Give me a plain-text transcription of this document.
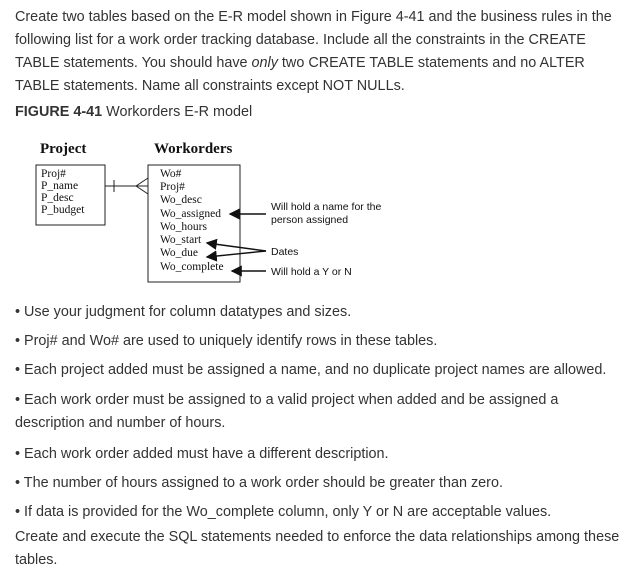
Create two tables based on the E-R model shown in Figure 4-41 and the business rules in the following list for a work order tracking database. Include all the constraints in the CREATE TABLE statements. You should have only two CREATE TABLE statements and no ALTER TABLE statements. Name all constraints except NOT NULLs.

FIGURE 4-41 Workorders E-R model

Project
Proj#
P_name
P_desc
P_budget
Workorders
Wo#
Proj#
Wo_desc
Wo_assigned
Wo_hours
Wo_start
Wo_due
Wo_complete
Will hold a name for the
person assigned
Dates
Will hold a Y or N
• Use your judgment for column datatypes and sizes.
• Proj# and Wo# are used to uniquely identify rows in these tables.
• Each project added must be assigned a name, and no duplicate project names are allowed.
• Each work order must be assigned to a valid project when added and be assigned a description and number of hours.
• Each work order added must have a different description.
• The number of hours assigned to a work order should be greater than zero.
• If data is provided for the Wo_complete column, only Y or N are acceptable values.

Create and execute the SQL statements needed to enforce the data relationships among these tables.
